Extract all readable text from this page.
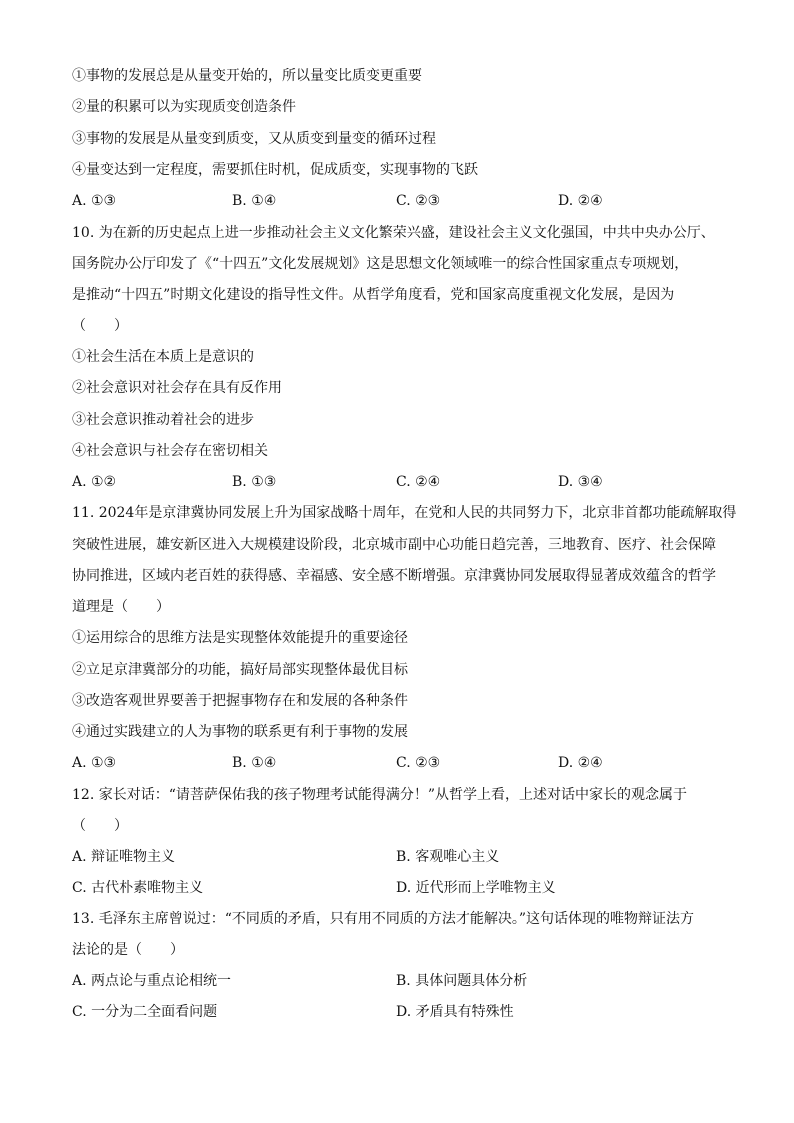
①事物的发展总是从量变开始的，所以量变比质变更重要
②量的积累可以为实现质变创造条件
③事物的发展是从量变到质变，又从质变到量变的循环过程
④量变达到一定程度，需要抓住时机，促成质变，实现事物的飞跃
A. ①③	B. ①④	C. ②③	D. ②④
10. 为在新的历史起点上进一步推动社会主义文化繁荣兴盛，建设社会主义文化强国，中共中央办公厅、
国务院办公厅印发了《“十四五”文化发展规划》这是思想文化领域唯一的综合性国家重点专项规划，
是推动“十四五”时期文化建设的指导性文件。从哲学角度看，党和国家高度重视文化发展，是因为
（　　）
①社会生活在本质上是意识的
②社会意识对社会存在具有反作用
③社会意识推动着社会的进步
④社会意识与社会存在密切相关
A. ①②	B. ①③	C. ②④	D. ③④
11. 2024年是京津冀协同发展上升为国家战略十周年，在党和人民的共同努力下，北京非首都功能疏解取得
突破性进展，雄安新区进入大规模建设阶段，北京城市副中心功能日趋完善，三地教育、医疗、社会保障
协同推进，区域内老百姓的获得感、幸福感、安全感不断增强。京津冀协同发展取得显著成效蕴含的哲学
道理是（　　）
①运用综合的思维方法是实现整体效能提升的重要途径
②立足京津冀部分的功能，搞好局部实现整体最优目标
③改造客观世界要善于把握事物存在和发展的各种条件
④通过实践建立的人为事物的联系更有利于事物的发展
A. ①③	B. ①④	C. ②③	D. ②④
12. 家长对话：“请菩萨保佑我的孩子物理考试能得满分！”从哲学上看，上述对话中家长的观念属于
（　　）
A. 辩证唯物主义	B. 客观唯心主义
C. 古代朴素唯物主义	D. 近代形而上学唯物主义
13. 毛泽东主席曾说过：“不同质的矛盾，只有用不同质的方法才能解决。”这句话体现的唯物辩证法方
法论的是（　　）
A. 两点论与重点论相统一	B. 具体问题具体分析
C. 一分为二全面看问题	D. 矛盾具有特殊性
